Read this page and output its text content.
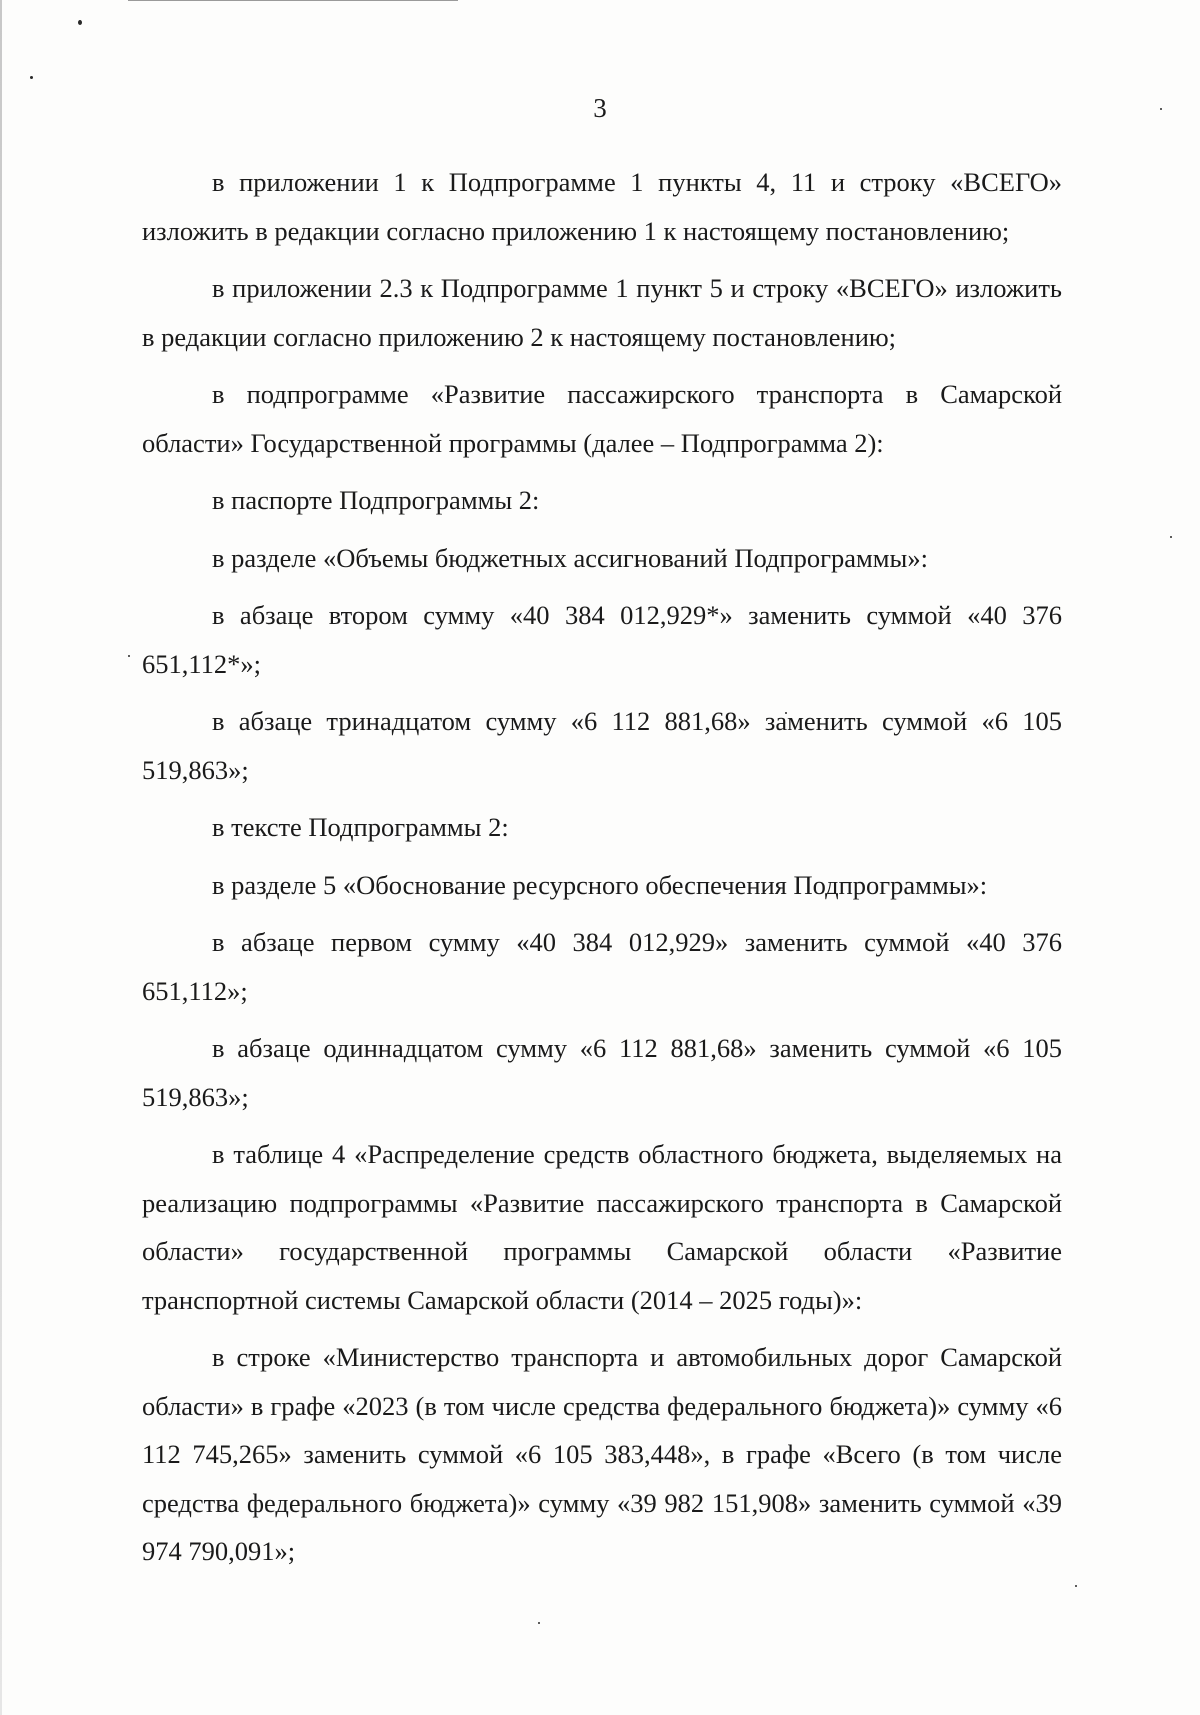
3

в приложении 1 к Подпрограмме 1 пункты 4, 11 и строку «ВСЕГО» изложить в редакции согласно приложению 1 к настоящему постановлению;

в приложении 2.3 к Подпрограмме 1 пункт 5 и строку «ВСЕГО» изложить в редакции согласно приложению 2 к настоящему постановлению;

в подпрограмме «Развитие пассажирского транспорта в Самарской области» Государственной программы (далее – Подпрограмма 2):

в паспорте Подпрограммы 2:

в разделе «Объемы бюджетных ассигнований Подпрограммы»:

в абзаце втором сумму «40 384 012,929*» заменить суммой «40 376 651,112*»;

в абзаце тринадцатом сумму «6 112 881,68» заменить суммой «6 105 519,863»;

в тексте Подпрограммы 2:

в разделе 5 «Обоснование ресурсного обеспечения Подпрограммы»:

в абзаце первом сумму «40 384 012,929» заменить суммой «40 376 651,112»;

в абзаце одиннадцатом сумму «6 112 881,68» заменить суммой «6 105 519,863»;

в таблице 4 «Распределение средств областного бюджета, выделяемых на реализацию подпрограммы «Развитие пассажирского транспорта в Самарской области» государственной программы Самарской области «Развитие транспортной системы Самарской области (2014 – 2025 годы)»:

в строке «Министерство транспорта и автомобильных дорог Самарской области» в графе «2023 (в том числе средства федерального бюджета)» сумму «6 112 745,265» заменить суммой «6 105 383,448», в графе «Всего (в том числе средства федерального бюджета)» сумму «39 982 151,908» заменить суммой «39 974 790,091»;
